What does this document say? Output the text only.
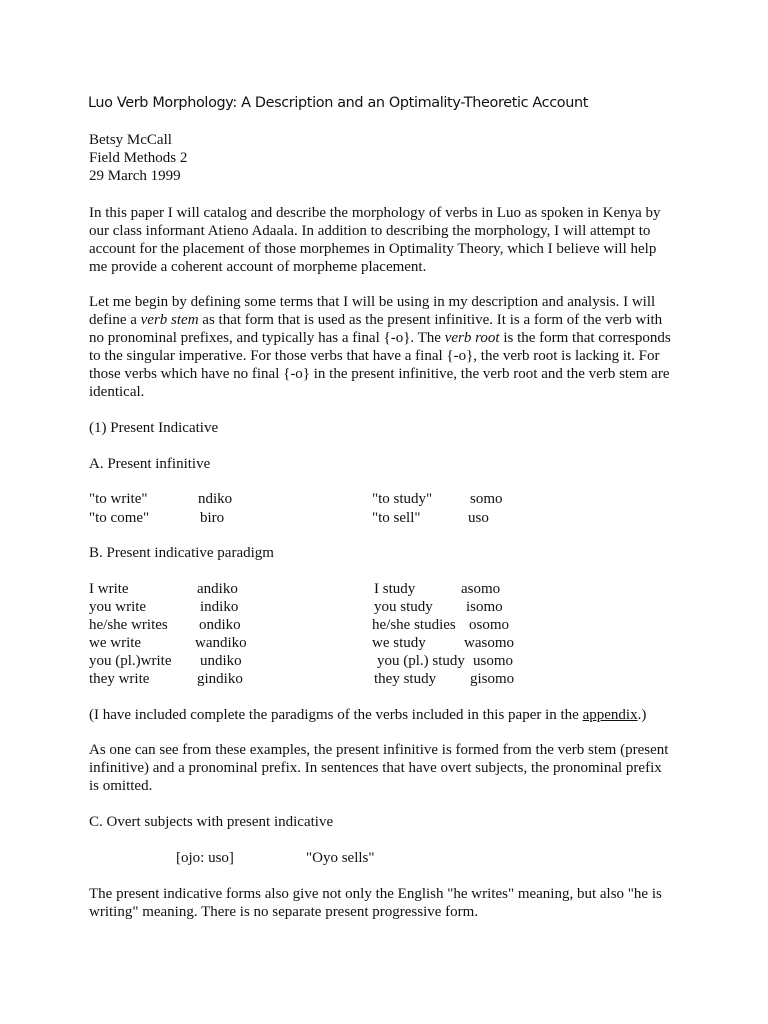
Luo Verb Morphology: A Description and an Optimality-Theoretic Account
Betsy McCall
Field Methods 2
29 March 1999
In this paper I will catalog and describe the morphology of verbs in Luo as spoken in Kenya by
our class informant Atieno Adaala. In addition to describing the morphology, I will attempt to
account for the placement of those morphemes in Optimality Theory, which I believe will help
me provide a coherent account of morpheme placement.
Let me begin by defining some terms that I will be using in my description and analysis. I will
define a verb stem as that form that is used as the present infinitive. It is a form of the verb with
no pronominal prefixes, and typically has a final {-o}. The verb root is the form that corresponds
to the singular imperative. For those verbs that have a final {-o}, the verb root is lacking it. For
those verbs which have no final {-o} in the present infinitive, the verb root and the verb stem are
identical.
(1) Present Indicative
A. Present infinitive
"to write"	ndiko	"to study"	somo
"to come"	biro	"to sell"	uso
B. Present indicative paradigm
I write	andiko	I study	asomo
you write	indiko	you study isomo
he/she writes ondiko	he/she studies osomo
we write	wandiko	we study	wasomo
you (pl.)write undiko	you (pl.) study usomo
they write	gindiko	they study gisomo
(I have included complete the paradigms of the verbs included in this paper in the appendix.)
As one can see from these examples, the present infinitive is formed from the verb stem (present
infinitive) and a pronominal prefix. In sentences that have overt subjects, the pronominal prefix
is omitted.
C. Overt subjects with present indicative
[ojo: uso]	"Oyo sells"
The present indicative forms also give not only the English "he writes" meaning, but also "he is
writing" meaning. There is no separate present progressive form.
